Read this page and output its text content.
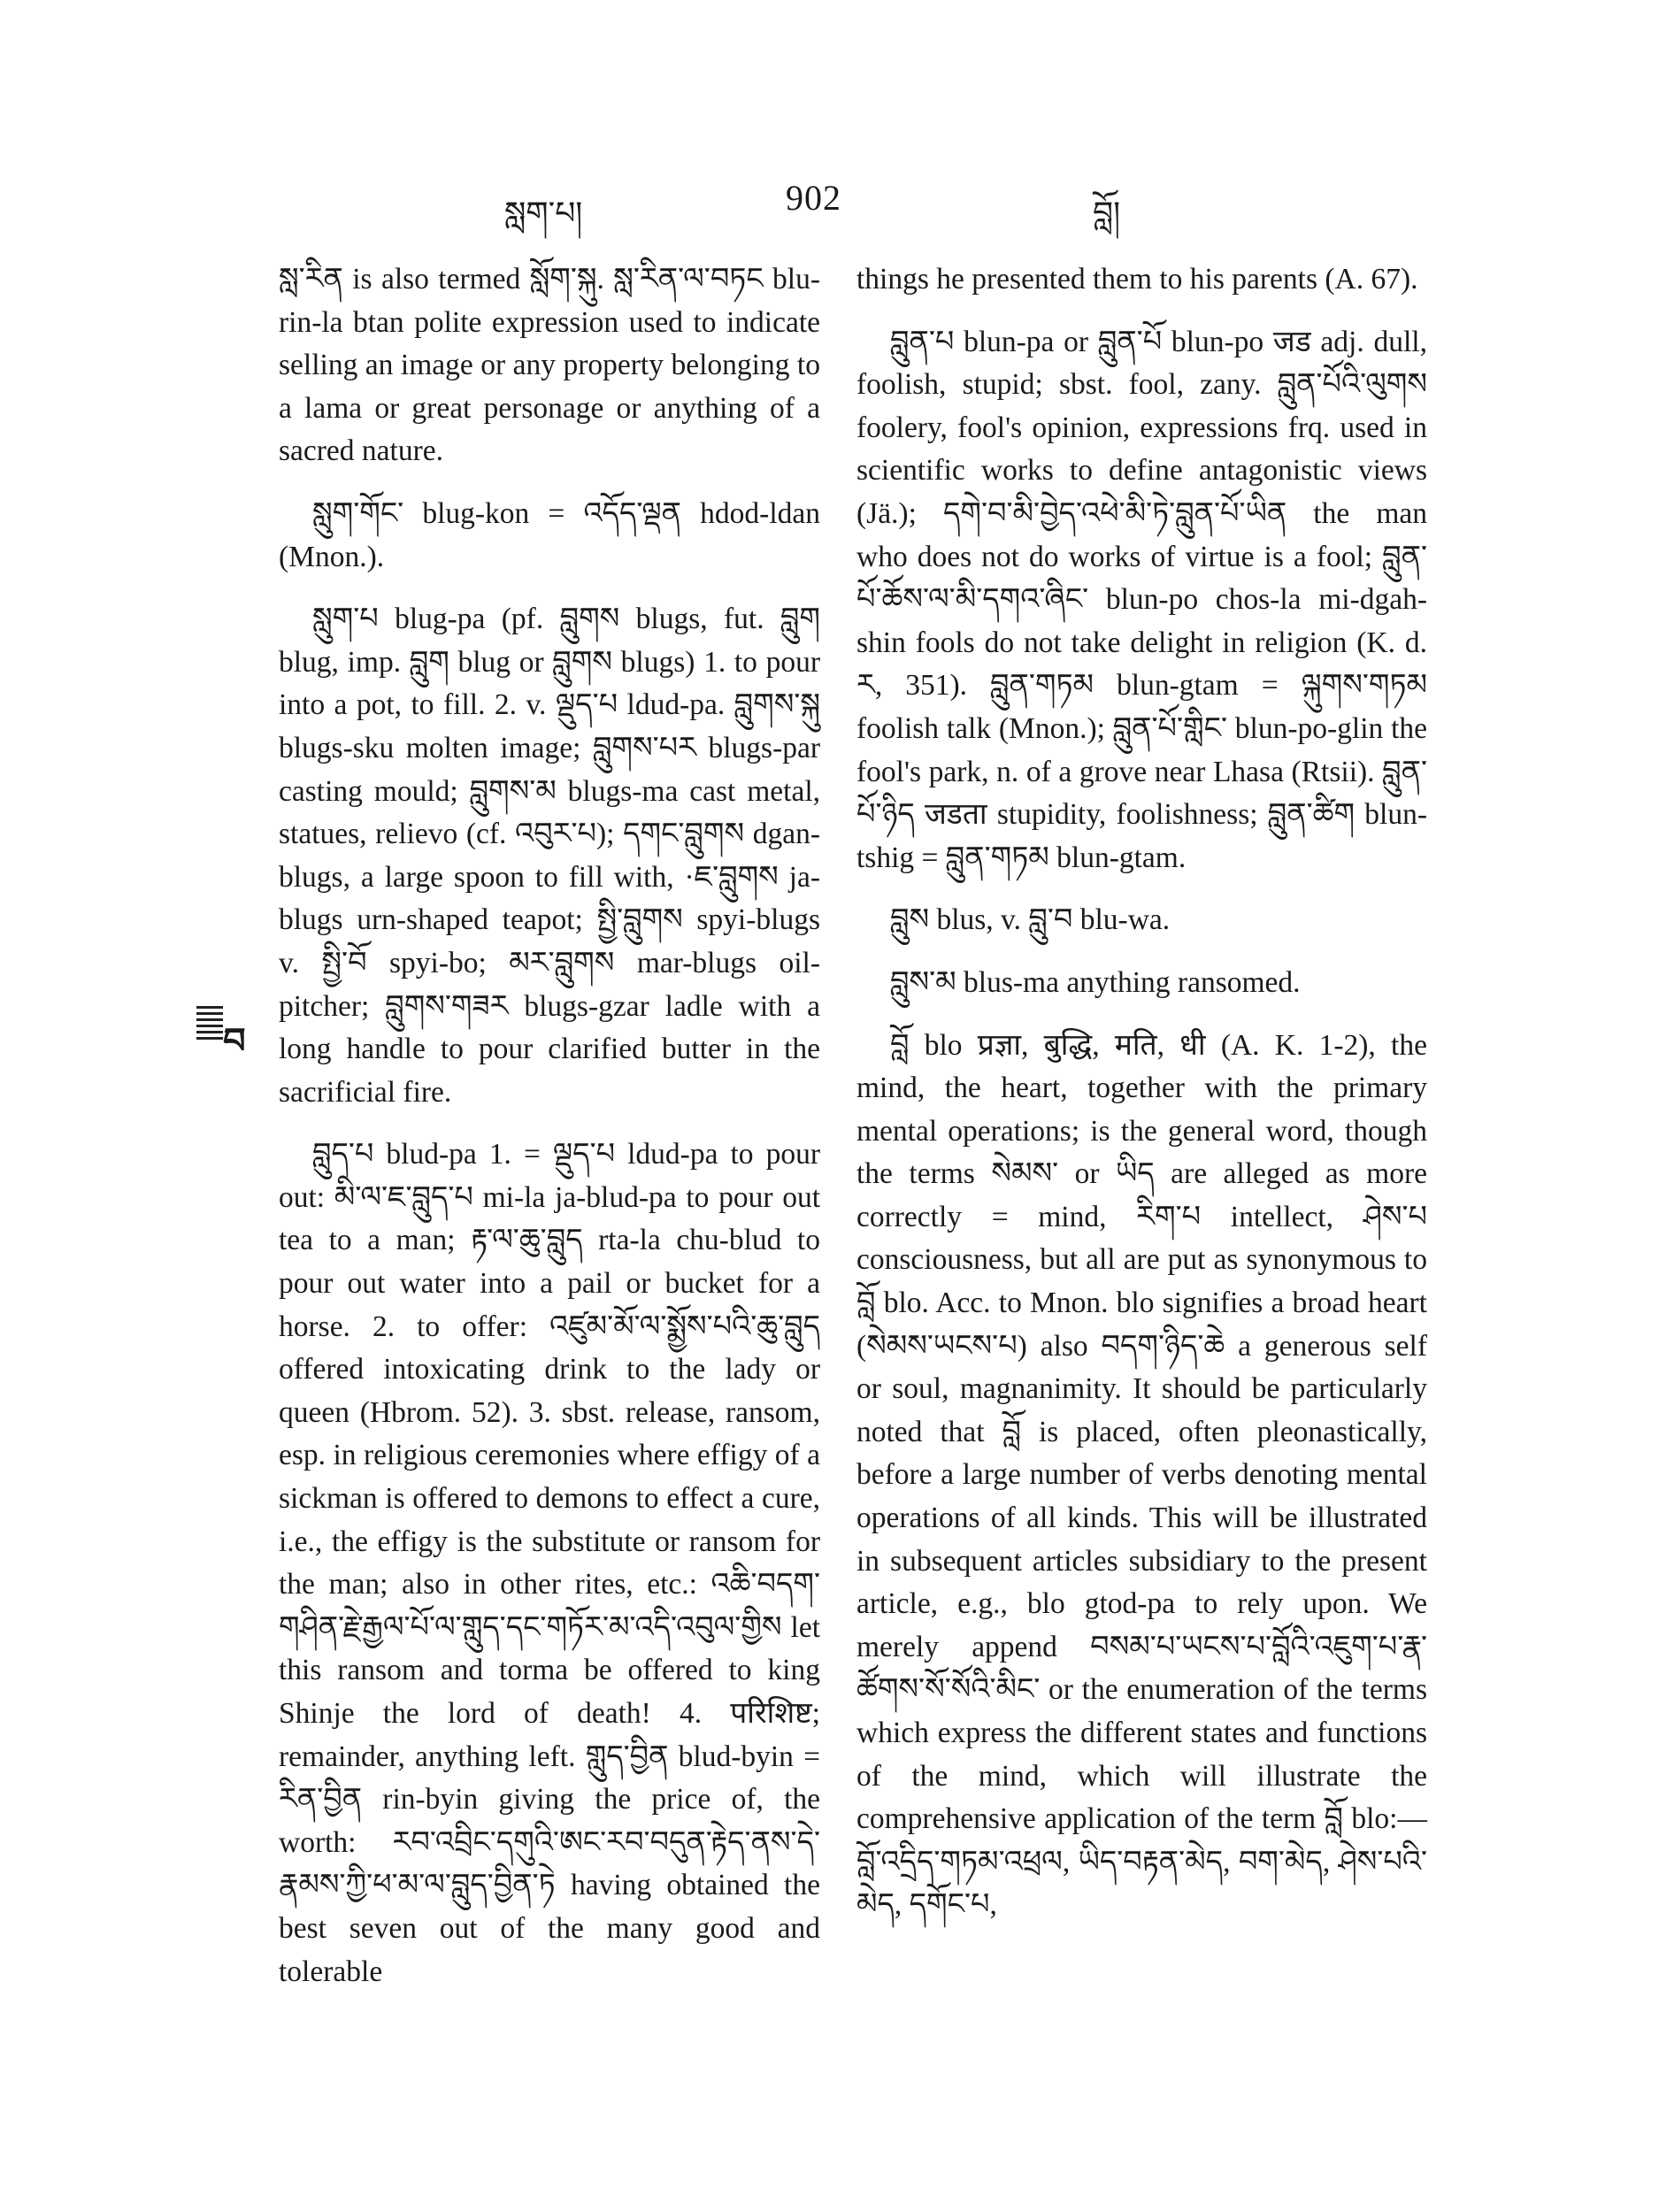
སླག་པ།	902	བློ།
བ

སླ་རིན is also termed སློག་སྐུ. སླ་རིན་ལ་བཏང blu-rin-la btan polite expression used to indicate selling an image or any property belonging to a lama or great personage or anything of a sacred nature.

སླུག་གོང་ blug-kon = འདོད་ལྡན hdod-ldan (Mnon.).

སླུག་པ blug-pa (pf. བླུགས blugs, fut. བླུག blug, imp. བླུག blug or བླུགས blugs) 1. to pour into a pot, to fill. 2. v. ལྡུད་པ ldud-pa. བླུགས་སྐུ blugs-sku molten image; བླུགས་པར blugs-par casting mould; བླུགས་མ blugs-ma cast metal, statues, relievo (cf. འབུར་པ); དགང་བླུགས dgan-blugs, a large spoon to fill with, ·ཇ་བླུགས ja-blugs urn-shaped teapot; སྤྱི་བླུགས spyi-blugs v. སྤྱི་བོ spyi-bo; མར་བླུགས mar-blugs oil-pitcher; བླུགས་གཟར blugs-gzar ladle with a long handle to pour clarified butter in the sacrificial fire.

བླུད་པ blud-pa 1. = ལྡུད་པ ldud-pa to pour out: མི་ལ་ཇ་བླུད་པ mi-la ja-blud-pa to pour out tea to a man; རྟ་ལ་ཆུ་བླུད rta-la chu-blud to pour out water into a pail or bucket for a horse. 2. to offer: འཛུམ་མོ་ལ་སྨྱོས་པའི་ཆུ་བླུད offered intoxicating drink to the lady or queen (Hbrom. 52). 3. sbst. release, ransom, esp. in religious ceremonies where effigy of a sickman is offered to demons to effect a cure, i.e., the effigy is the substitute or ransom for the man; also in other rites, etc.: འཆི་བདག་གཤིན་རྗེ་རྒྱལ་པོ་ལ་གླུད་དང་གཏོར་མ་འདི་འབུལ་གྱིས let this ransom and torma be offered to king Shinje the lord of death! 4. परिशिष्ट; remainder, anything left. གླུད་བྱིན blud-byin = རིན་བྱིན rin-byin giving the price of, the worth: རབ་འབྲིང་དགུའི་ཨང་རབ་བདུན་རྟེད་ནས་དེ་རྣམས་ཀྱི་ཕ་མ་ལ་བླུད་བྱིན་ཏེ having obtained the best seven out of the many good and tolerable

things he presented them to his parents (A. 67).

བླུན་པ blun-pa or བླུན་པོ blun-po जड adj. dull, foolish, stupid; sbst. fool, zany. བླུན་པོའི་ལུགས foolery, fool's opinion, expressions frq. used in scientific works to define antagonistic views (Jä.); དགེ་བ་མི་བྱེད་འཕེ་མི་ཏེ་བླུན་པོ་ཡིན the man who does not do works of virtue is a fool; བླུན་པོ་ཆོས་ལ་མི་དགའ་ཞིང་ blun-po chos-la mi-dgah-shin fools do not take delight in religion (K. d. ར, 351). བླུན་གཏམ blun-gtam = ལྐུགས་གཏམ foolish talk (Mnon.); བླུན་པོ་གླིང་ blun-po-glin the fool's park, n. of a grove near Lhasa (Rtsii). བླུན་པོ་ཉིད जडता stupidity, foolishness; བླུན་ཚིག blun-tshig = བླུན་གཏམ blun-gtam.

བླུས blus, v. བླུ་བ blu-wa.

བླུས་མ blus-ma anything ransomed.

བློ blo प्रज्ञा, बुद्धि, मति, धी (A. K. 1-2), the mind, the heart, together with the primary mental operations; is the general word, though the terms སེམས་ or ཡིད are alleged as more correctly = mind, རིག་པ intellect, ཤེས་པ consciousness, but all are put as synonymous to བློ blo. Acc. to Mnon. blo signifies a broad heart (སེམས་ཡངས་པ) also བདག་ཉིད་ཆེ a generous self or soul, magnanimity. It should be particularly noted that བློ is placed, often pleonastically, before a large number of verbs denoting mental operations of all kinds. This will be illustrated in subsequent articles subsidiary to the present article, e.g., blo gtod-pa to rely upon. We merely append བསམ་པ་ཡངས་པ་བློའི་འཇུག་པ་རྣ་ཚོགས་སོ་སོའི་མིང་ or the enumeration of the terms which express the different states and functions of the mind, which will illustrate the comprehensive application of the term བློ blo:—བློ་འདྲིད་གཏམ་འཕྲལ, ཡིད་བརྟན་མེད, བག་མེད, ཤེས་པའི་མེད, དགོང་པ,
